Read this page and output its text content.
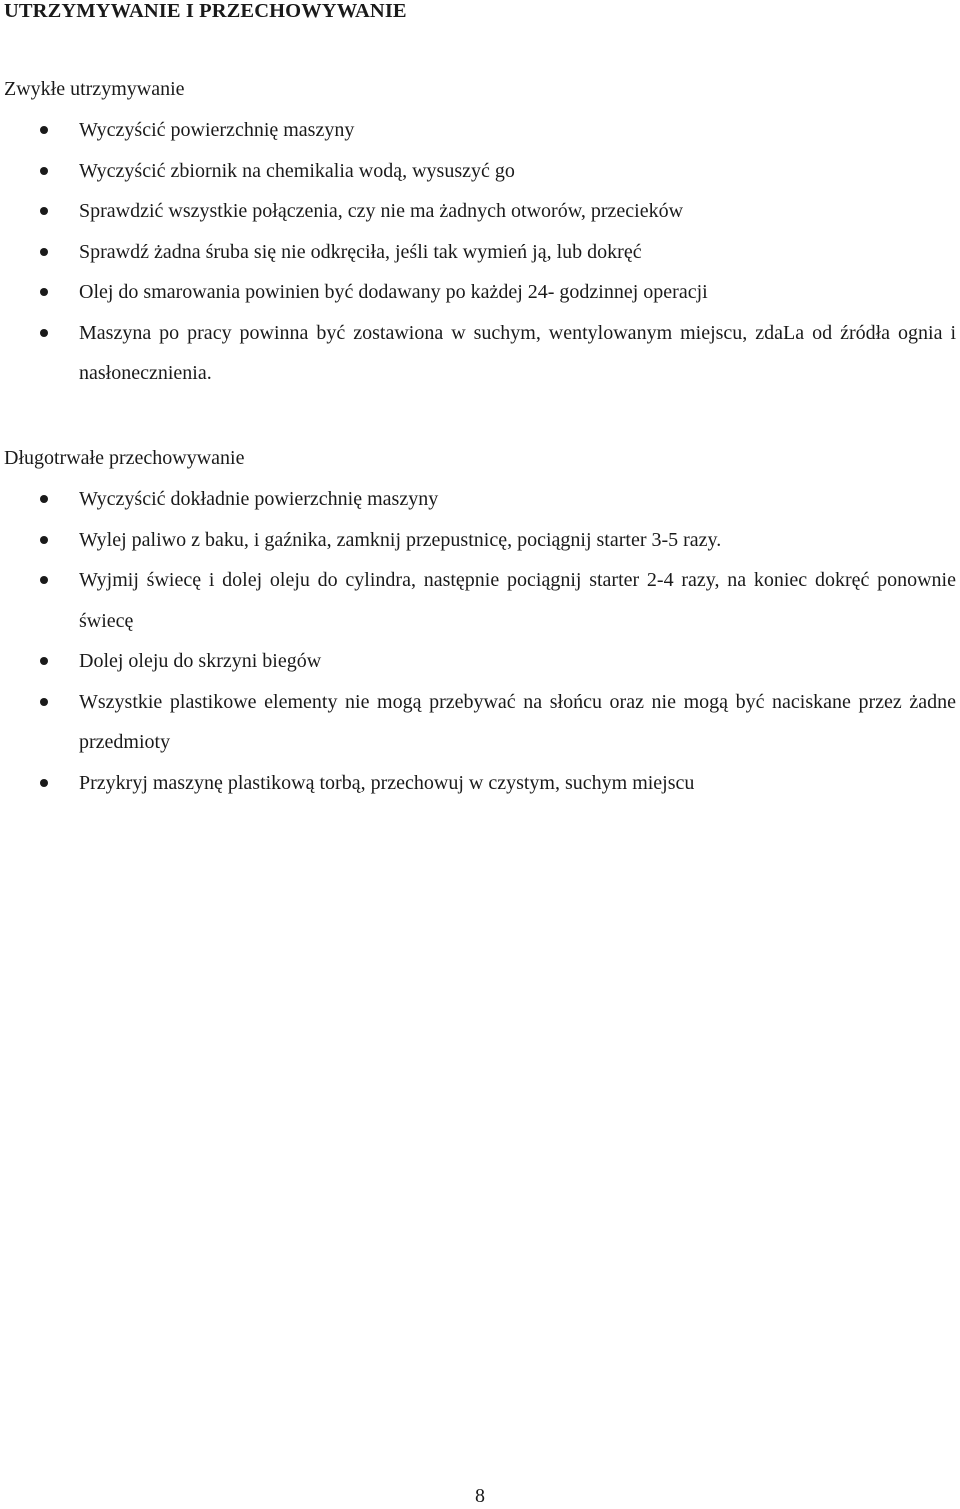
UTRZYMYWANIE I PRZECHOWYWANIE
Zwykłe utrzymywanie
Wyczyścić powierzchnię maszyny
Wyczyścić zbiornik na chemikalia wodą, wysuszyć go
Sprawdzić wszystkie połączenia, czy nie ma żadnych otworów, przecieków
Sprawdź żadna śruba się nie odkręciła, jeśli tak wymień ją, lub dokręć
Olej do smarowania powinien być dodawany po każdej 24- godzinnej operacji
Maszyna po pracy powinna być zostawiona w suchym, wentylowanym miejscu, zdaLa od źródła ognia i nasłonecznienia.
Długotrwałe przechowywanie
Wyczyścić dokładnie powierzchnię maszyny
Wylej paliwo z baku, i gaźnika, zamknij przepustnicę, pociągnij starter 3-5 razy.
Wyjmij świecę i dolej oleju do cylindra, następnie pociągnij starter 2-4 razy, na koniec dokręć ponownie świecę
Dolej oleju do skrzyni biegów
Wszystkie plastikowe elementy nie mogą przebywać na słońcu oraz nie mogą być naciskane przez żadne przedmioty
Przykryj maszynę plastikową torbą, przechowuj w czystym, suchym miejscu

8
